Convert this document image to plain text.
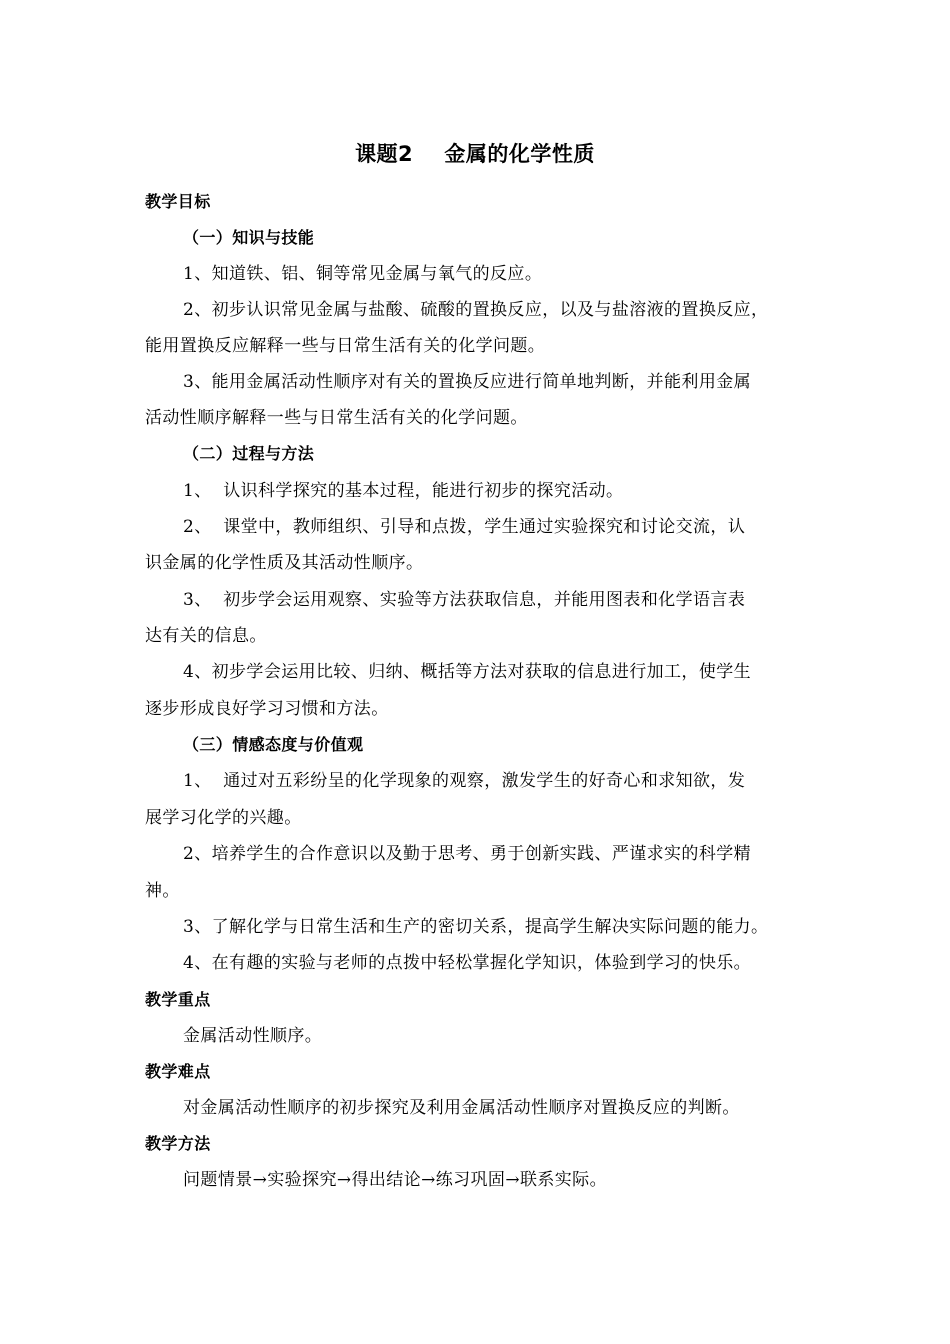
课题2    金属的化学性质
教学目标
（一）知识与技能
1、知道铁、铝、铜等常见金属与氧气的反应。
2、初步认识常见金属与盐酸、硫酸的置换反应，以及与盐溶液的置换反应，
能用置换反应解释一些与日常生活有关的化学问题。
3、能用金属活动性顺序对有关的置换反应进行简单地判断，并能利用金属
活动性顺序解释一些与日常生活有关的化学问题。
（二）过程与方法
1、  认识科学探究的基本过程，能进行初步的探究活动。
2、  课堂中，教师组织、引导和点拨，学生通过实验探究和讨论交流，认
识金属的化学性质及其活动性顺序。
3、  初步学会运用观察、实验等方法获取信息，并能用图表和化学语言表
达有关的信息。
4、初步学会运用比较、归纳、概括等方法对获取的信息进行加工，使学生
逐步形成良好学习习惯和方法。
（三）情感态度与价值观
1、  通过对五彩纷呈的化学现象的观察，激发学生的好奇心和求知欲，发
展学习化学的兴趣。
2、培养学生的合作意识以及勤于思考、勇于创新实践、严谨求实的科学精
神。
3、了解化学与日常生活和生产的密切关系，提高学生解决实际问题的能力。
4、在有趣的实验与老师的点拨中轻松掌握化学知识，体验到学习的快乐。
教学重点
金属活动性顺序。
教学难点
对金属活动性顺序的初步探究及利用金属活动性顺序对置换反应的判断。
教学方法
问题情景→实验探究→得出结论→练习巩固→联系实际。
